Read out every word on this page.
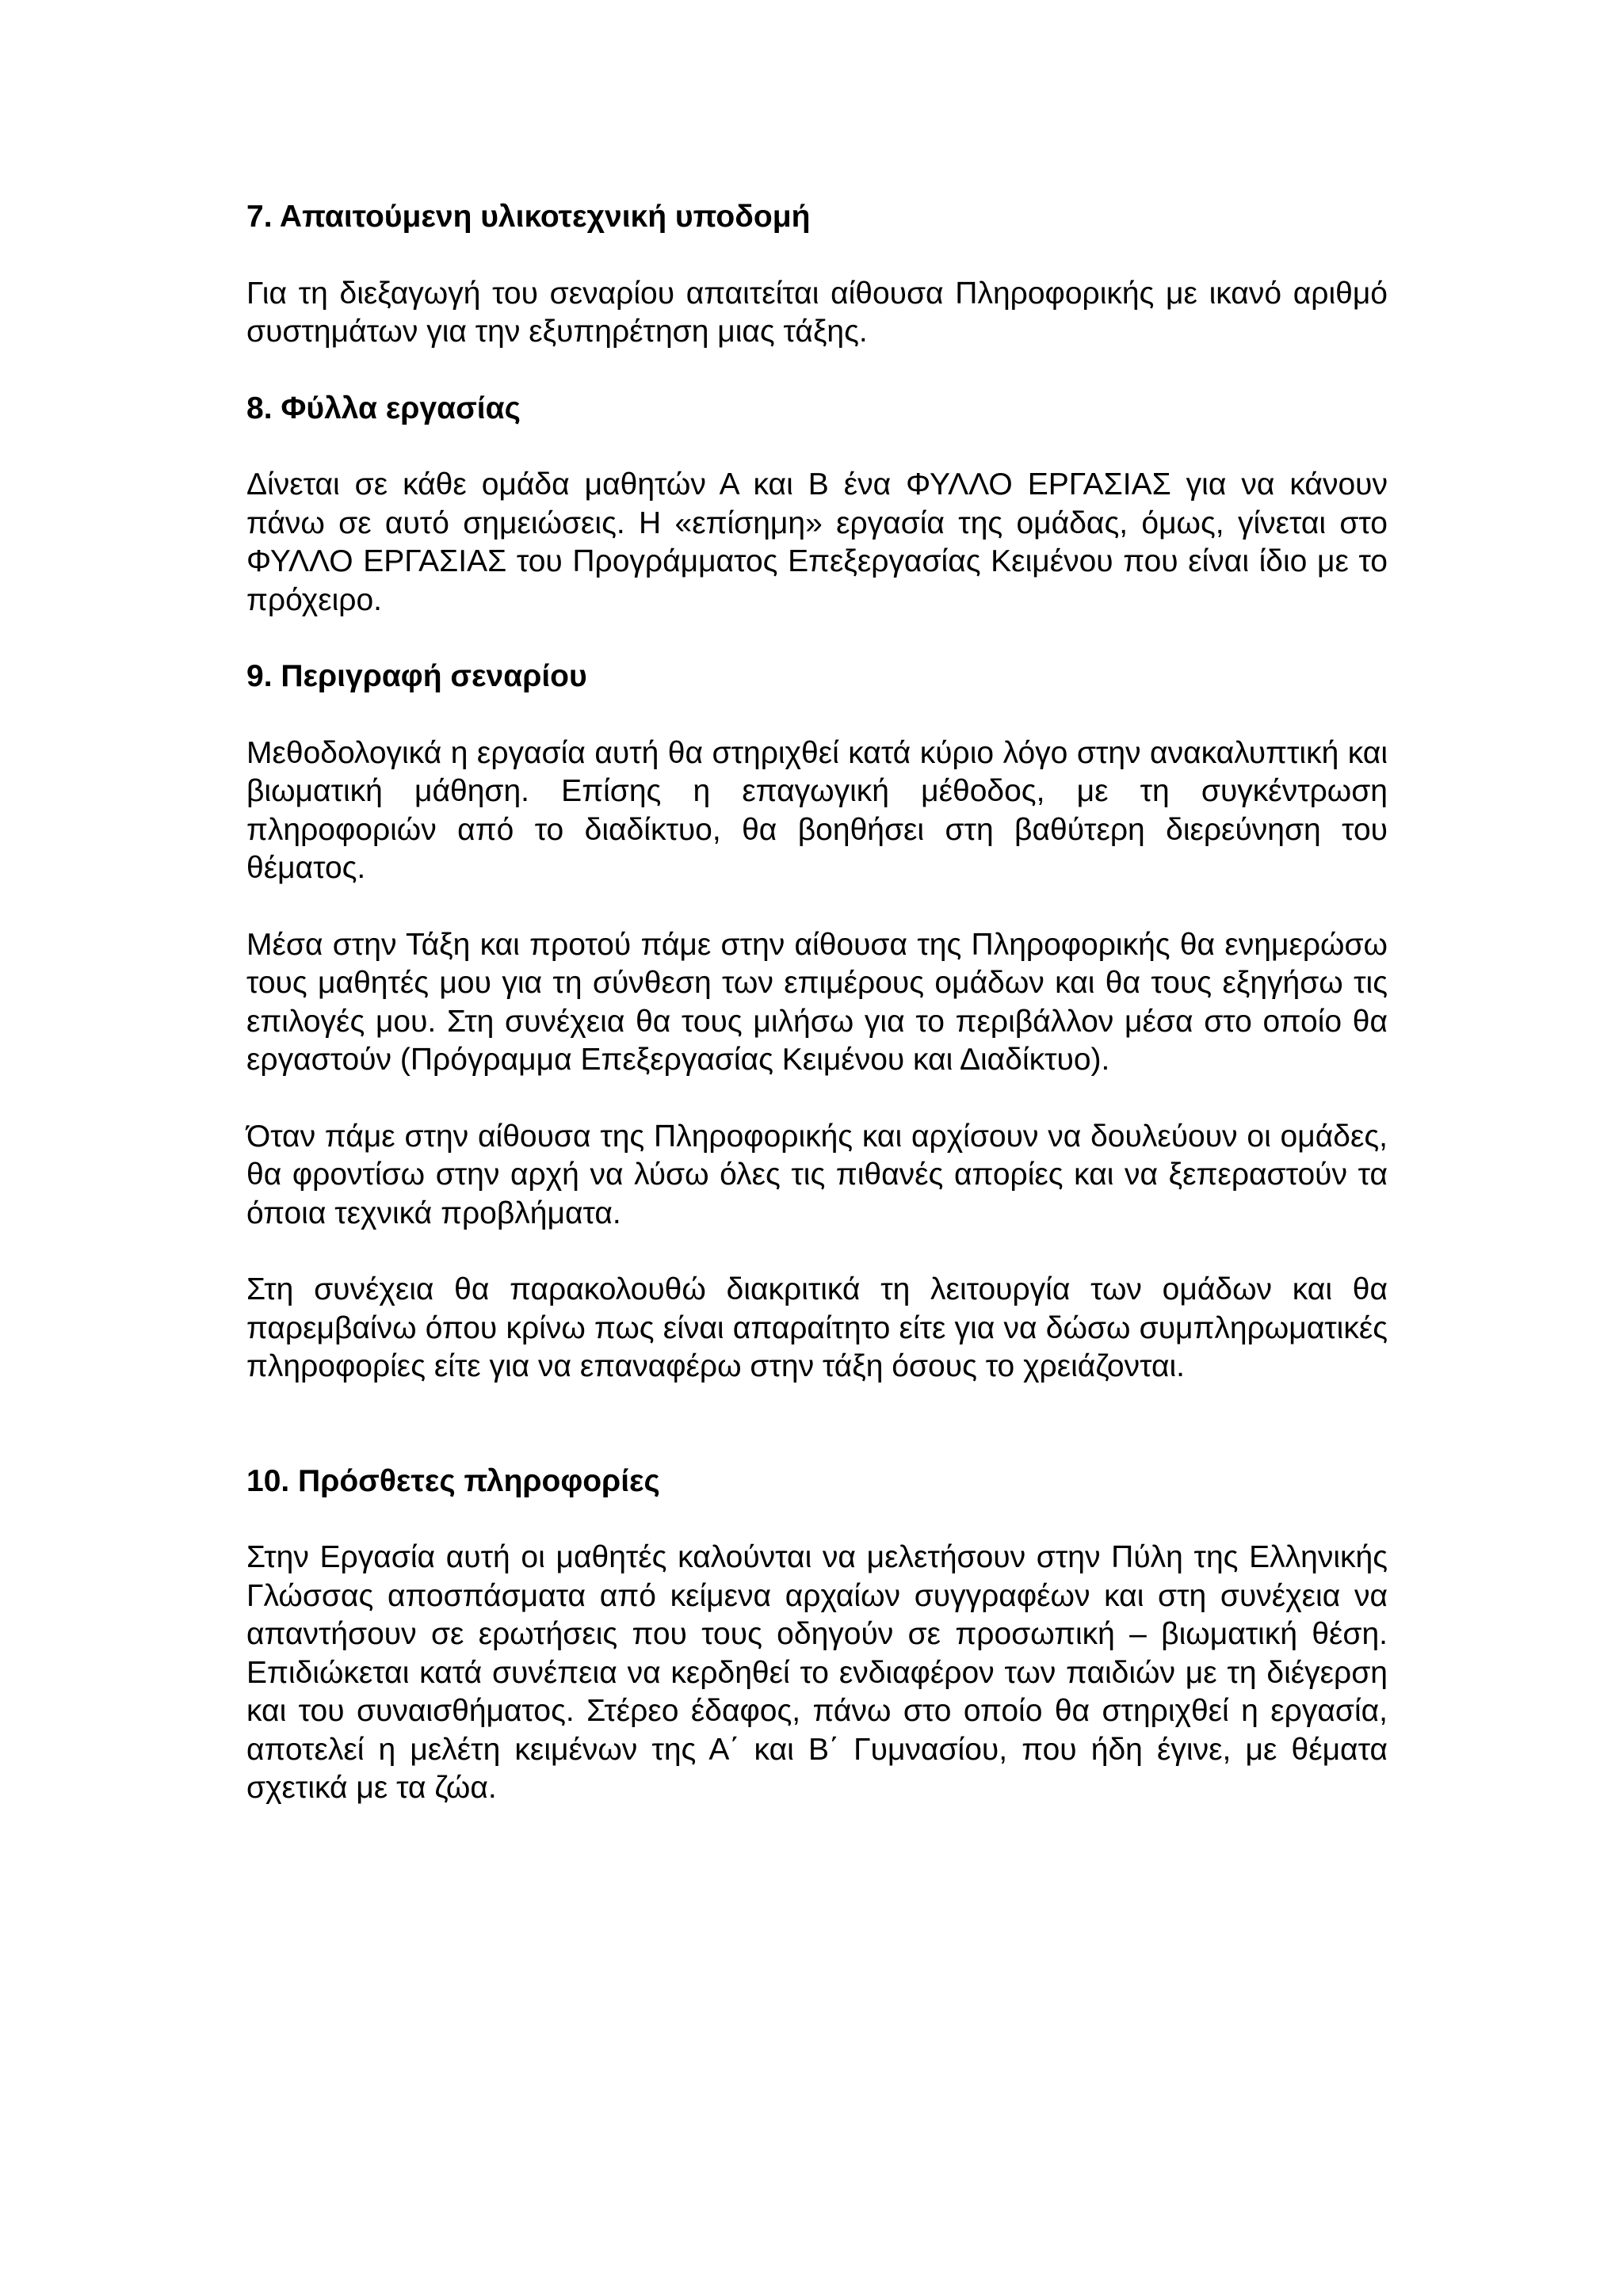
7. Απαιτούμενη υλικοτεχνική υποδομή

Για τη διεξαγωγή του σεναρίου απαιτείται αίθουσα Πληροφορικής με ικανό αριθμό συστημάτων για την εξυπηρέτηση μιας τάξης.

8. Φύλλα εργασίας

Δίνεται σε κάθε ομάδα μαθητών Α και Β ένα ΦΥΛΛΟ ΕΡΓΑΣΙΑΣ για να κάνουν πάνω σε αυτό σημειώσεις. Η «επίσημη» εργασία της ομάδας, όμως, γίνεται στο ΦΥΛΛΟ ΕΡΓΑΣΙΑΣ του Προγράμματος Επεξεργασίας Κειμένου που είναι ίδιο με το πρόχειρο.

9. Περιγραφή σεναρίου

Μεθοδολογικά η εργασία αυτή θα στηριχθεί κατά κύριο λόγο στην ανακαλυπτική και βιωματική μάθηση. Επίσης η επαγωγική μέθοδος, με τη συγκέντρωση πληροφοριών από το διαδίκτυο, θα βοηθήσει στη βαθύτερη διερεύνηση του θέματος.

Μέσα στην Τάξη και προτού πάμε στην αίθουσα της Πληροφορικής θα ενημερώσω τους μαθητές μου για τη σύνθεση των επιμέρους ομάδων και θα τους εξηγήσω τις επιλογές μου. Στη συνέχεια θα τους μιλήσω για το περιβάλλον μέσα στο οποίο θα εργαστούν (Πρόγραμμα Επεξεργασίας Κειμένου και Διαδίκτυο).

Όταν πάμε στην αίθουσα της Πληροφορικής και αρχίσουν να δουλεύουν οι ομάδες, θα φροντίσω στην αρχή να λύσω όλες τις πιθανές απορίες και να ξεπεραστούν τα όποια τεχνικά προβλήματα.

Στη συνέχεια θα παρακολουθώ διακριτικά τη λειτουργία των ομάδων και θα παρεμβαίνω όπου κρίνω πως είναι απαραίτητο είτε για να δώσω συμπληρωματικές πληροφορίες είτε για να επαναφέρω στην τάξη όσους το χρειάζονται.

10. Πρόσθετες πληροφορίες

Στην Εργασία αυτή οι μαθητές καλούνται να μελετήσουν στην Πύλη της Ελληνικής Γλώσσας αποσπάσματα από κείμενα αρχαίων συγγραφέων και στη συνέχεια να απαντήσουν σε ερωτήσεις που τους οδηγούν σε προσωπική – βιωματική θέση. Επιδιώκεται κατά συνέπεια να κερδηθεί το ενδιαφέρον των παιδιών με τη διέγερση και του συναισθήματος. Στέρεο έδαφος, πάνω στο οποίο θα στηριχθεί η εργασία, αποτελεί η μελέτη κειμένων της Α΄ και Β΄ Γυμνασίου, που ήδη έγινε, με θέματα σχετικά με τα ζώα.
